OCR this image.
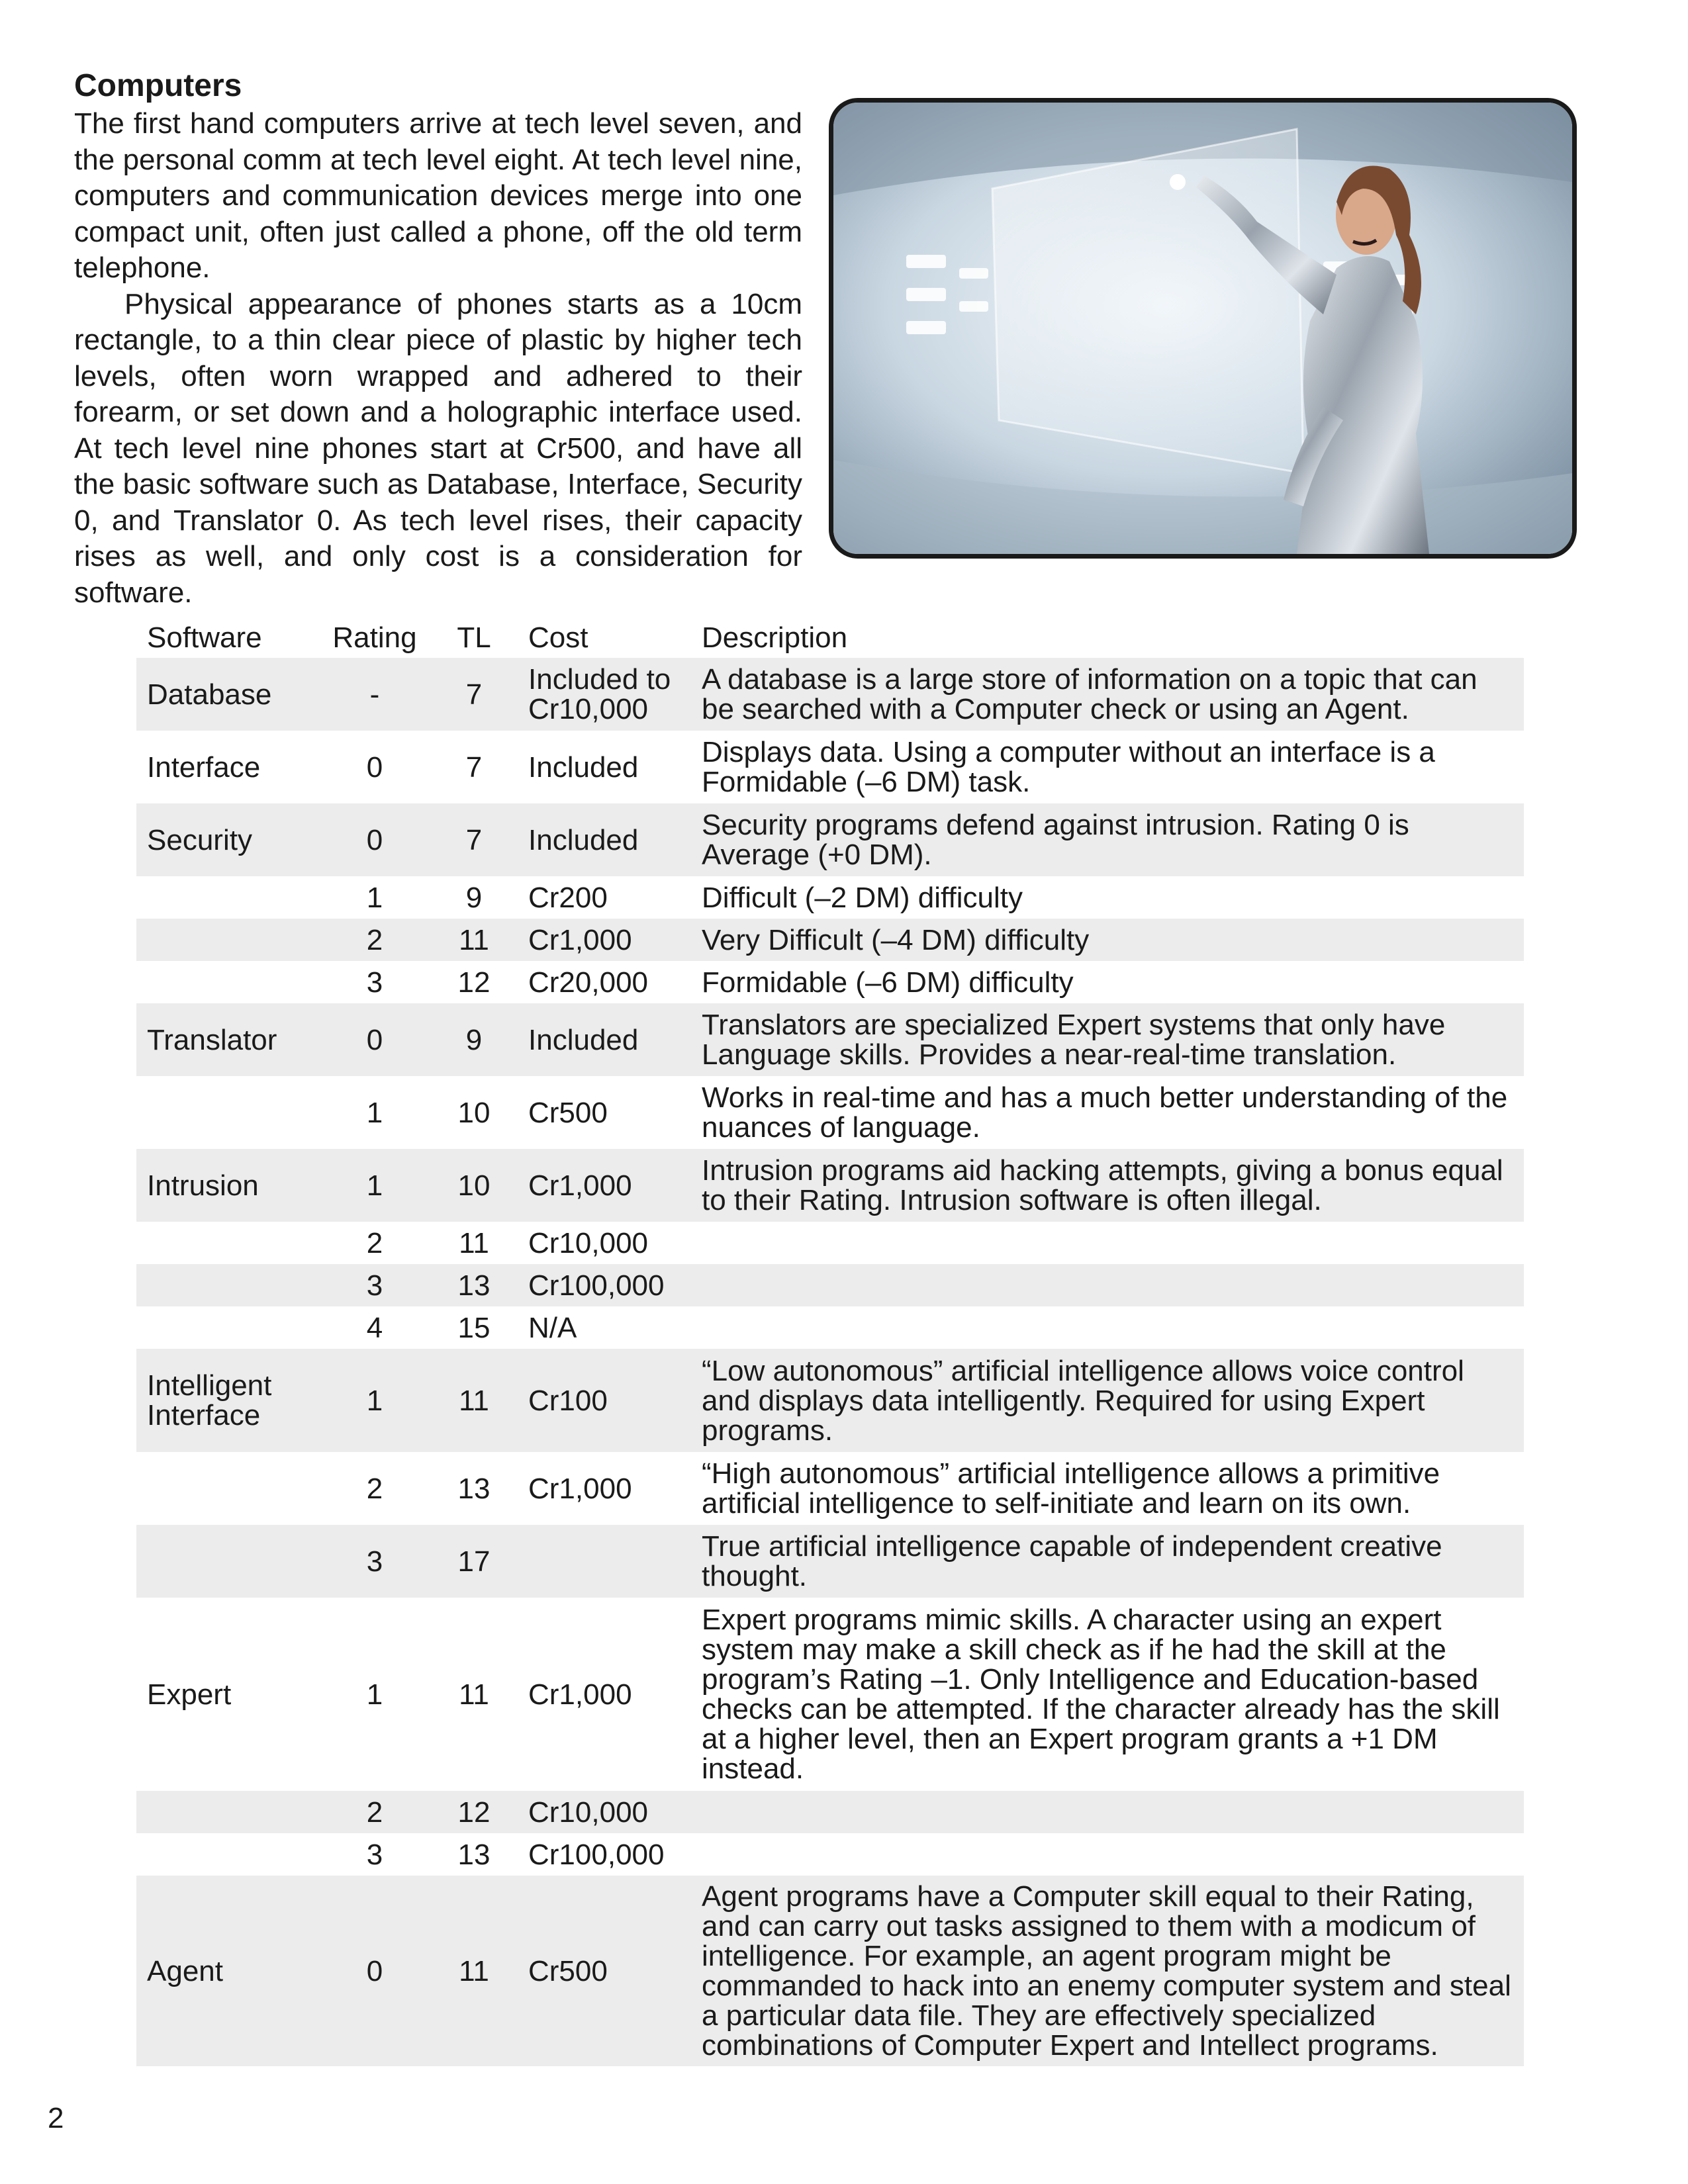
Computers

The first hand computers arrive at tech level seven, and the personal comm at tech level eight. At tech level nine, computers and communication devices merge into one compact unit, often just called a phone, off the old term telephone.

Physical appearance of phones starts as a 10cm rectangle, to a thin clear piece of plastic by higher tech levels, often worn wrapped and adhered to their forearm, or set down and a holographic interface used. At tech level nine phones start at Cr500, and have all the basic software such as Database, Interface, Security 0, and Translator 0. As tech level rises, their capacity rises as well, and only cost is a consideration for software.

Software	Rating	TL	Cost	Description
Database	-	7	Included to Cr10,000	A database is a large store of information on a topic that can be searched with a Computer check or using an Agent.
Interface	0	7	Included	Displays data. Using a computer without an interface is a Formidable (–6 DM) task.
Security	0	7	Included	Security programs defend against intrusion. Rating 0 is Average (+0 DM).
	1	9	Cr200	Difficult (–2 DM) difficulty
	2	11	Cr1,000	Very Difficult (–4 DM) difficulty
	3	12	Cr20,000	Formidable (–6 DM) difficulty
Translator	0	9	Included	Translators are specialized Expert systems that only have Language skills. Provides a near-real-time translation.
	1	10	Cr500	Works in real-time and has a much better understanding of the nuances of language.
Intrusion	1	10	Cr1,000	Intrusion programs aid hacking attempts, giving a bonus equal to their Rating. Intrusion software is often illegal.
	2	11	Cr10,000	
	3	13	Cr100,000	
	4	15	N/A	
Intelligent Interface	1	11	Cr100	“Low autonomous” artificial intelligence allows voice control and displays data intelligently. Required for using Expert programs.
	2	13	Cr1,000	“High autonomous” artificial intelligence allows a primitive artificial intelligence to self-initiate and learn on its own.
	3	17		True artificial intelligence capable of independent creative thought.
Expert	1	11	Cr1,000	Expert programs mimic skills. A character using an expert system may make a skill check as if he had the skill at the program’s Rating –1. Only Intelligence and Education-based checks can be attempted. If the character already has the skill at a higher level, then an Expert program grants a +1 DM instead.
	2	12	Cr10,000	
	3	13	Cr100,000	
Agent	0	11	Cr500	Agent programs have a Computer skill equal to their Rating, and can carry out tasks assigned to them with a modicum of intelligence. For example, an agent program might be commanded to hack into an enemy computer system and steal a particular data file. They are effectively specialized combinations of Computer Expert and Intellect programs.
2
